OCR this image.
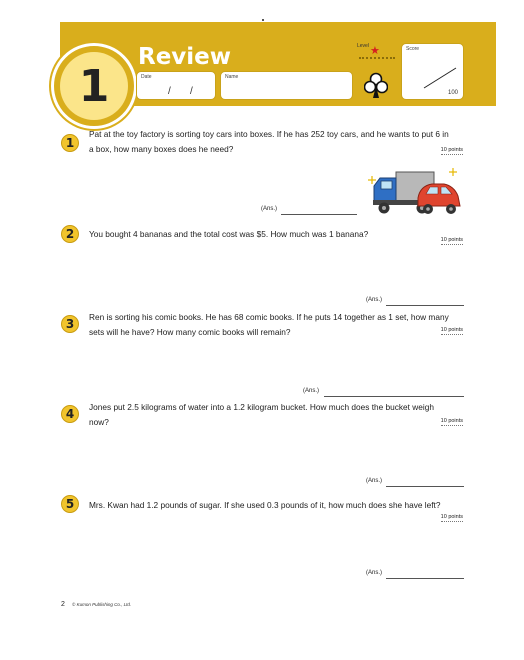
1
Review
Date
/ /
Name
Level ★	Score
100
1
Pat at the toy factory is sorting toy cars into boxes. If he has 252 toy cars, and he wants to put 6 in
a box, how many boxes does he need?	10 points
(Ans.)
2	You bought 4 bananas and the total cost was $5. How much was 1 banana?
10 points
(Ans.)
3	Ren is sorting his comic books. He has 68 comic books. If he puts 14 together as 1 set, how many
sets will he have? How many comic books will remain?	10 points
(Ans.)
4	Jones put 2.5 kilograms of water into a 1.2 kilogram bucket. How much does the bucket weigh
now?	10 points
(Ans.)
5	Mrs. Kwan had 1.2 pounds of sugar. If she used 0.3 pounds of it, how much does she have left?
10 points
(Ans.)
2 © Kumon Publishing Co., Ltd.
